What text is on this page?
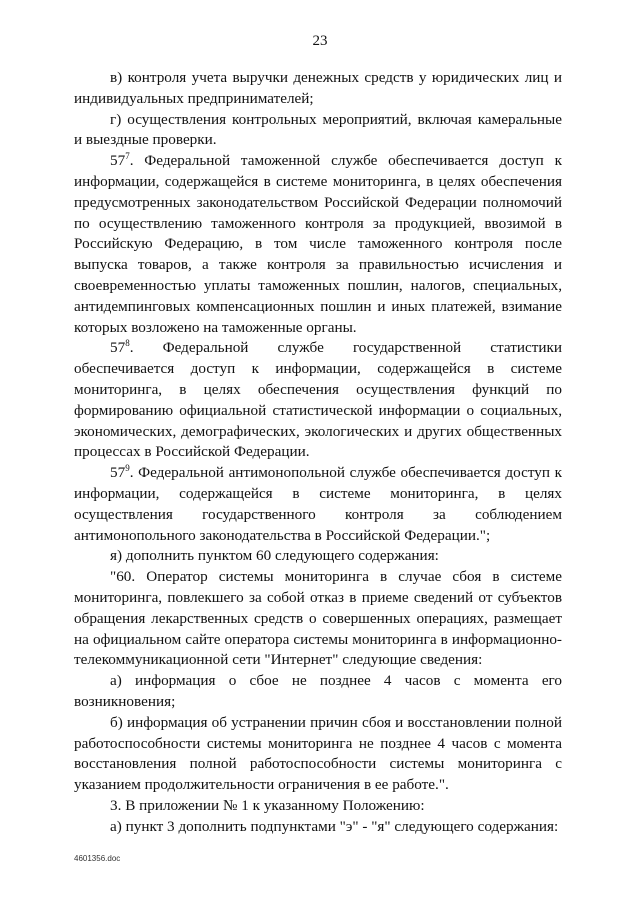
23

в) контроля учета выручки денежных средств у юридических лиц и индивидуальных предпринимателей;

г) осуществления контрольных мероприятий, включая камеральные и выездные проверки.

$57^7$. Федеральной таможенной службе обеспечивается доступ к информации, содержащейся в системе мониторинга, в целях обеспечения предусмотренных законодательством Российской Федерации полномочий по осуществлению таможенного контроля за продукцией, ввозимой в Российскую Федерацию, в том числе таможенного контроля после выпуска товаров, а также контроля за правильностью исчисления и своевременностью уплаты таможенных пошлин, налогов, специальных, антидемпинговых компенсационных пошлин и иных платежей, взимание которых возложено на таможенные органы.

$57^8$. Федеральной службе государственной статистики обеспечивается доступ к информации, содержащейся в системе мониторинга, в целях обеспечения осуществления функций по формированию официальной статистической информации о социальных, экономических, демографических, экологических и других общественных процессах в Российской Федерации.

$57^9$. Федеральной антимонопольной службе обеспечивается доступ к информации, содержащейся в системе мониторинга, в целях осуществления государственного контроля за соблюдением антимонопольного законодательства в Российской Федерации.";

я) дополнить пунктом 60 следующего содержания:

"60. Оператор системы мониторинга в случае сбоя в системе мониторинга, повлекшего за собой отказ в приеме сведений от субъектов обращения лекарственных средств о совершенных операциях, размещает на официальном сайте оператора системы мониторинга в информационно-телекоммуникационной сети "Интернет" следующие сведения:

а) информация о сбое не позднее 4 часов с момента его возникновения;

б) информация об устранении причин сбоя и восстановлении полной работоспособности системы мониторинга не позднее 4 часов с момента восстановления полной работоспособности системы мониторинга с указанием продолжительности ограничения в ее работе.".

3. В приложении № 1 к указанному Положению:

а) пункт 3 дополнить подпунктами "э" - "я" следующего содержания:

4601356.doc
